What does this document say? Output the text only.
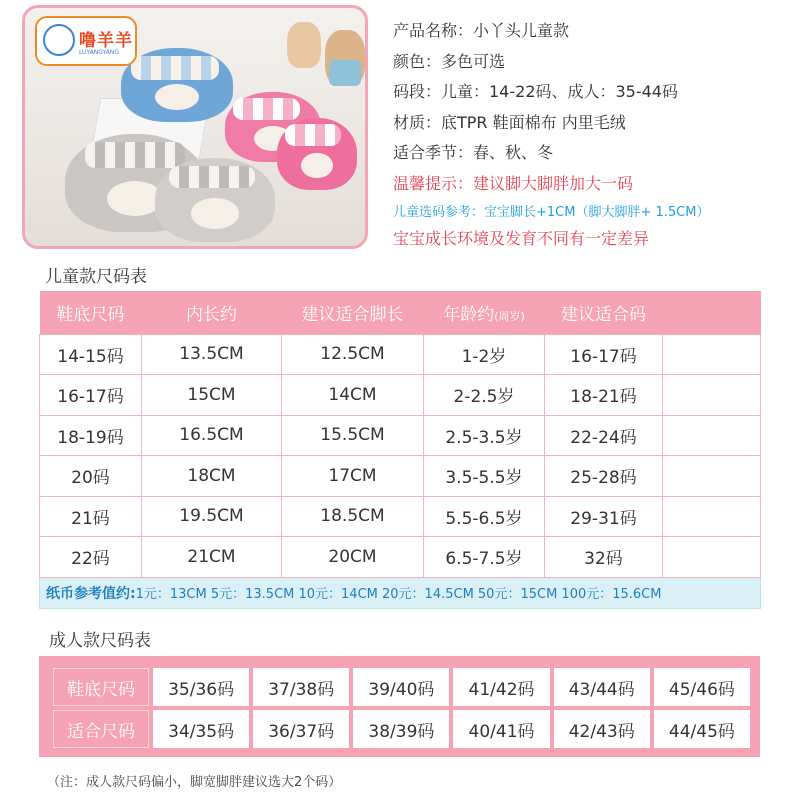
噜羊羊
LUYANGYANG
产品名称：小丫头儿童款
颜色：多色可选
码段：儿童：14-22码、成人：35-44码
材质：底TPR 鞋面棉布 内里毛绒
适合季节：春、秋、冬
温馨提示：建议脚大脚胖加大一码
儿童选码参考：宝宝脚长+1CM（脚大脚胖+ 1.5CM）
宝宝成长环境及发育不同有一定差异
儿童款尺码表
鞋底尺码	内长约	建议适合脚长	年龄约(周岁)	建议适合码	
14-15码	13.5CM	12.5CM	1-2岁	16-17码	
16-17码	15CM	14CM	2-2.5岁	18-21码	
18-19码	16.5CM	15.5CM	2.5-3.5岁	22-24码	
20码	18CM	17CM	3.5-5.5岁	25-28码	
21码	19.5CM	18.5CM	5.5-6.5岁	29-31码	
22码	21CM	20CM	6.5-7.5岁	32码	
纸币参考值约:1元：13CM 5元：13.5CM 10元：14CM 20元：14.5CM 50元：15CM 100元：15.6CM					
成人款尺码表
鞋底尺码	35/36码	37/38码	39/40码	41/42码	43/44码	45/46码
适合尺码	34/35码	36/37码	38/39码	40/41码	42/43码	44/45码
（注：成人款尺码偏小，脚宽脚胖建议选大2个码）
